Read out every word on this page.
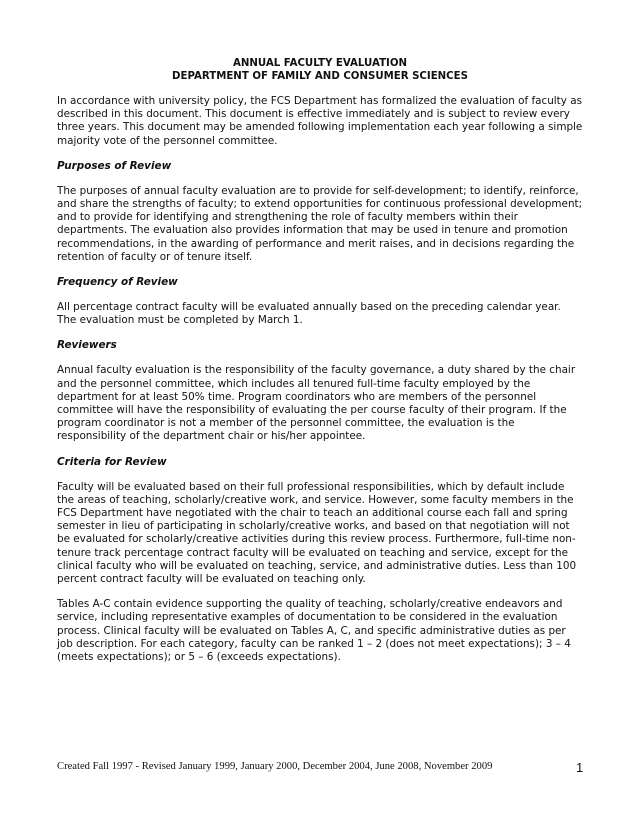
ANNUAL FACULTY EVALUATION
DEPARTMENT OF FAMILY AND CONSUMER SCIENCES

In accordance with university policy, the FCS Department has formalized the evaluation of faculty as described in this document. This document is effective immediately and is subject to review every three years. This document may be amended following implementation each year following a simple majority vote of the personnel committee.

Purposes of Review

The purposes of annual faculty evaluation are to provide for self-development; to identify, reinforce, and share the strengths of faculty; to extend opportunities for continuous professional development; and to provide for identifying and strengthening the role of faculty members within their departments. The evaluation also provides information that may be used in tenure and promotion recommendations, in the awarding of performance and merit raises, and in decisions regarding the retention of faculty or of tenure itself.

Frequency of Review

All percentage contract faculty will be evaluated annually based on the preceding calendar year. The evaluation must be completed by March 1.

Reviewers

Annual faculty evaluation is the responsibility of the faculty governance, a duty shared by the chair and the personnel committee, which includes all tenured full-time faculty employed by the department for at least 50% time. Program coordinators who are members of the personnel committee will have the responsibility of evaluating the per course faculty of their program. If the program coordinator is not a member of the personnel committee, the evaluation is the responsibility of the department chair or his/her appointee.

Criteria for Review

Faculty will be evaluated based on their full professional responsibilities, which by default include the areas of teaching, scholarly/creative work, and service. However, some faculty members in the FCS Department have negotiated with the chair to teach an additional course each fall and spring semester in lieu of participating in scholarly/creative works, and based on that negotiation will not be evaluated for scholarly/creative activities during this review process. Furthermore, full-time non-tenure track percentage contract faculty will be evaluated on teaching and service, except for the clinical faculty who will be evaluated on teaching, service, and administrative duties. Less than 100 percent contract faculty will be evaluated on teaching only.

Tables A-C contain evidence supporting the quality of teaching, scholarly/creative endeavors and service, including representative examples of documentation to be considered in the evaluation process. Clinical faculty will be evaluated on Tables A, C, and specific administrative duties as per job description. For each category, faculty can be ranked 1 – 2 (does not meet expectations); 3 – 4 (meets expectations); or 5 – 6 (exceeds expectations).

Created Fall 1997 - Revised January 1999, January 2000, December 2004, June 2008, November 2009	1
